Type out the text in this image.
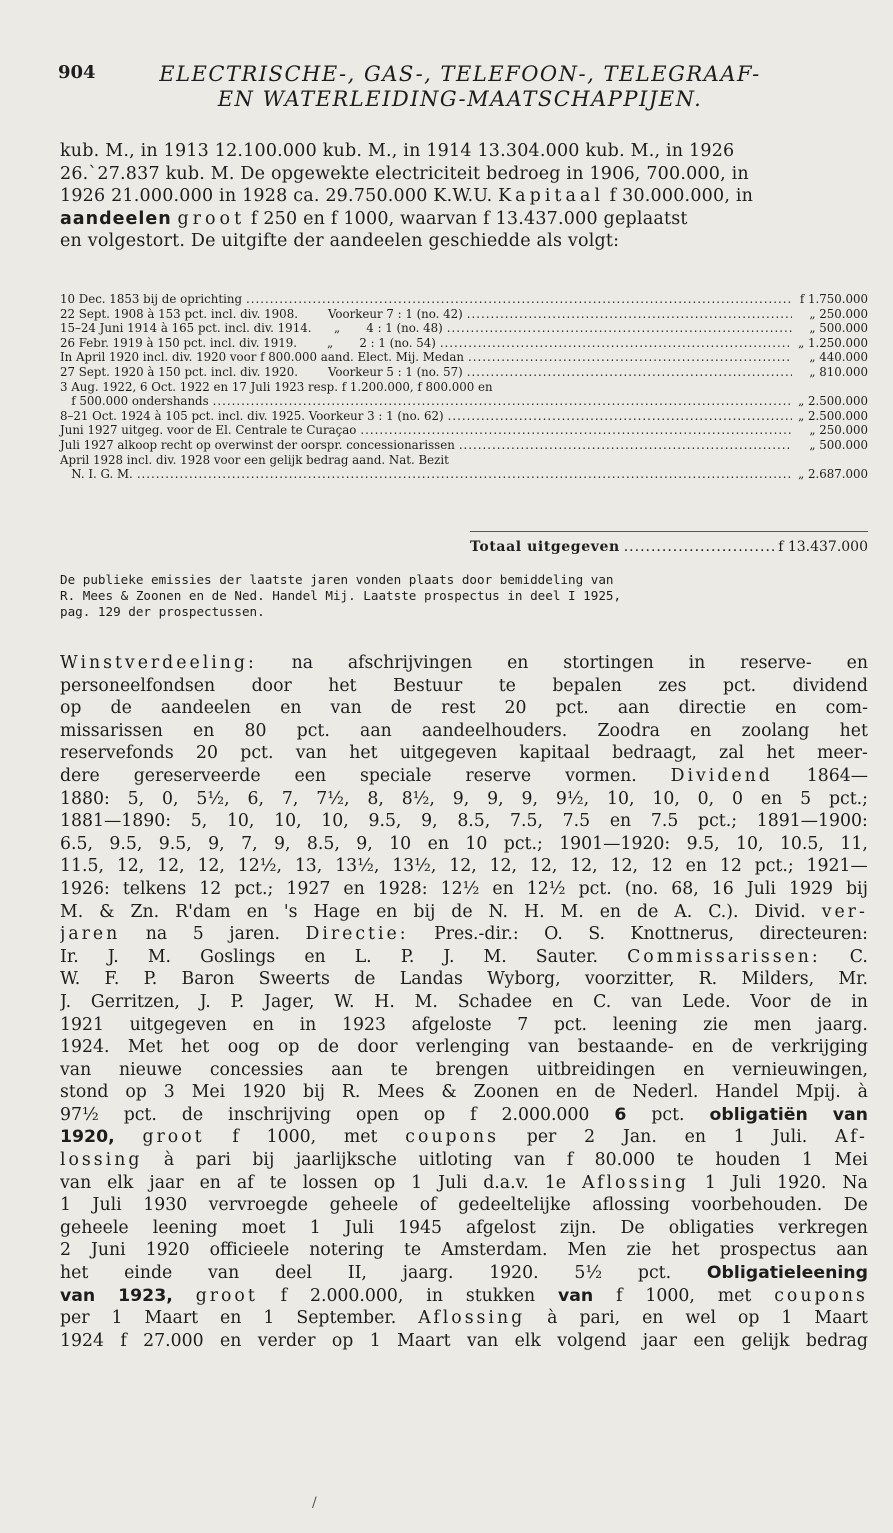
904	ELECTRISCHE-, GAS-, TELEFOON-, TELEGRAAF-
EN WATERLEIDING-MAATSCHAPPIJEN.
kub. M., in 1913 12.100.000 kub. M., in 1914 13.304.000 kub. M., in 1926
26.`27.837 kub. M. De opgewekte electriciteit bedroeg in 1906, 700.000, in
1926 21.000.000 in 1928 ca. 29.750.000 K.W.U. Kapitaal f 30.000.000, in
aandeelen groot f 250 en f 1000, waarvan f 13.437.000 geplaatst
en volgestort. De uitgifte der aandeelen geschiedde als volgt:
10 Dec. 1853 bij de oprichting .....	f 1.750.000
22 Sept. 1908 à 153 pct. incl. div. 1908.        Voorkeur 7 : 1 (no. 42) .....	„ 250.000
15–24 Juni 1914 à 165 pct. incl. div. 1914.      „       4 : 1 (no. 48) .....	„ 500.000
26 Febr. 1919 à 150 pct. incl. div. 1919.        „       2 : 1 (no. 54) .....	„ 1.250.000
In April 1920 incl. div. 1920 voor f 800.000 aand. Elect. Mij. Medan .....	„ 440.000
27 Sept. 1920 à 150 pct. incl. div. 1920.        Voorkeur 5 : 1 (no. 57) .....	„ 810.000
3 Aug. 1922, 6 Oct. 1922 en 17 Juli 1923 resp. f 1.200.000, f 800.000 en
f 500.000 ondershands .....	„ 2.500.000
8–21 Oct. 1924 à 105 pct. incl. div. 1925. Voorkeur 3 : 1 (no. 62) .....	„ 2.500.000
Juni 1927 uitgeg. voor de El. Centrale te Curaçao .....	„ 250.000
Juli 1927 alkoop recht op overwinst der oorspr. concessionarissen .....	„ 500.000
April 1928 incl. div. 1928 voor een gelijk bedrag aand. Nat. Bezit
N. I. G. M. .....	„ 2.687.000
Totaal uitgegeven .....	f 13.437.000
De publieke emissies der laatste jaren vonden plaats door bemiddeling van
R. Mees & Zoonen en de Ned. Handel Mij. Laatste prospectus in deel I 1925,
pag. 129 der prospectussen.
Winstverdeeling: na afschrijvingen en stortingen in reserve- en
personeelfondsen door het Bestuur te bepalen zes pct. dividend
op de aandeelen en van de rest 20 pct. aan directie en com-
missarissen en 80 pct. aan aandeelhouders. Zoodra en zoolang het
reservefonds 20 pct. van het uitgegeven kapitaal bedraagt, zal het meer-
dere gereserveerde een speciale reserve vormen. Dividend 1864—
1880: 5, 0, 5½, 6, 7, 7½, 8, 8½, 9, 9, 9, 9½, 10, 10, 0, 0 en 5 pct.;
1881—1890: 5, 10, 10, 10, 9.5, 9, 8.5, 7.5, 7.5 en 7.5 pct.; 1891—1900:
6.5, 9.5, 9.5, 9, 7, 9, 8.5, 9, 10 en 10 pct.; 1901—1920: 9.5, 10, 10.5, 11,
11.5, 12, 12, 12, 12½, 13, 13½, 13½, 12, 12, 12, 12, 12, 12 en 12 pct.; 1921—
1926: telkens 12 pct.; 1927 en 1928: 12½ en 12½ pct. (no. 68, 16 Juli 1929 bij
M. & Zn. R'dam en 's Hage en bij de N. H. M. en de A. C.). Divid. ver-
jaren na 5 jaren. Directie: Pres.-dir.: O. S. Knottnerus, directeuren:
Ir. J. M. Goslings en L. P. J. M. Sauter. Commissarissen: C.
W. F. P. Baron Sweerts de Landas Wyborg, voorzitter, R. Milders, Mr.
J. Gerritzen, J. P. Jager, W. H. M. Schadee en C. van Lede. Voor de in
1921 uitgegeven en in 1923 afgeloste 7 pct. leening zie men jaarg.
1924. Met het oog op de door verlenging van bestaande- en de verkrijging
van nieuwe concessies aan te brengen uitbreidingen en vernieuwingen,
stond op 3 Mei 1920 bij R. Mees & Zoonen en de Nederl. Handel Mpij. à
97½ pct. de inschrijving open op f 2.000.000 6 pct. obligatiën van
1920, groot f 1000, met coupons per 2 Jan. en 1 Juli. Af-
lossing à pari bij jaarlijksche uitloting van f 80.000 te houden 1 Mei
van elk jaar en af te lossen op 1 Juli d.a.v. 1e Aflossing 1 Juli 1920. Na
1 Juli 1930 vervroegde geheele of gedeeltelijke aflossing voorbehouden. De
geheele leening moet 1 Juli 1945 afgelost zijn. De obligaties verkregen
2 Juni 1920 officieele notering te Amsterdam. Men zie het prospectus aan
het einde van deel II, jaarg. 1920. 5½ pct. Obligatieleening
van 1923, groot f 2.000.000, in stukken van f 1000, met coupons
per 1 Maart en 1 September. Aflossing à pari, en wel op 1 Maart
1924 f 27.000 en verder op 1 Maart van elk volgend jaar een gelijk bedrag
/
